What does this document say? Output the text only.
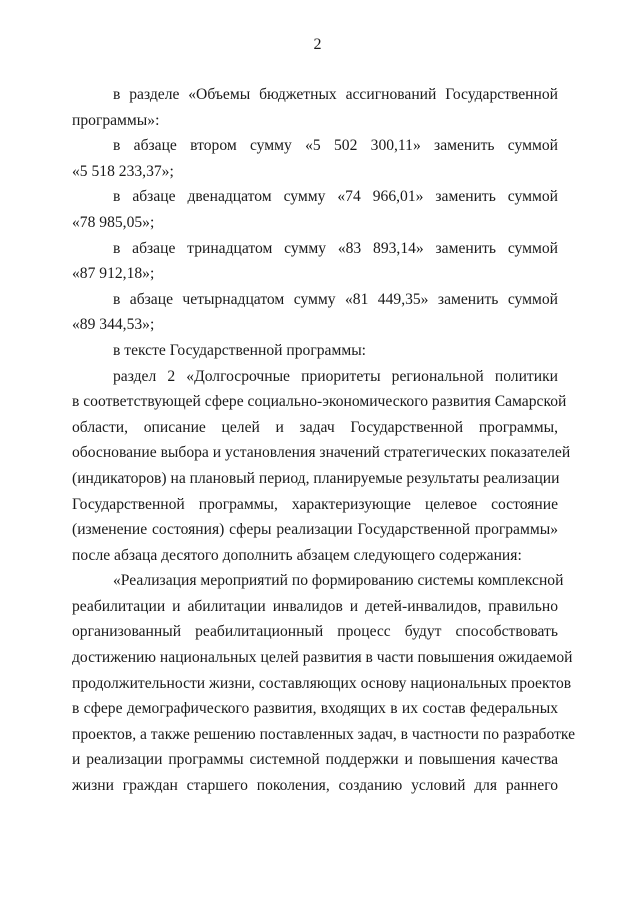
2

в разделе «Объемы бюджетных ассигнований Государственной
программы»:

в абзаце втором сумму «5 502 300,11» заменить суммой
«5 518 233,37»;

в абзаце двенадцатом сумму «74 966,01» заменить суммой
«78 985,05»;

в абзаце тринадцатом сумму «83 893,14» заменить суммой
«87 912,18»;

в абзаце четырнадцатом сумму «81 449,35» заменить суммой
«89 344,53»;

в тексте Государственной программы:

раздел 2 «Долгосрочные приоритеты региональной политики
в соответствующей сфере социально-экономического развития Самарской
области, описание целей и задач Государственной программы,
обоснование выбора и установления значений стратегических показателей
(индикаторов) на плановый период, планируемые результаты реализации
Государственной программы, характеризующие целевое состояние
(изменение состояния) сферы реализации Государственной программы»
после абзаца десятого дополнить абзацем следующего содержания:

«Реализация мероприятий по формированию системы комплексной
реабилитации и абилитации инвалидов и детей-инвалидов, правильно
организованный реабилитационный процесс будут способствовать
достижению национальных целей развития в части повышения ожидаемой
продолжительности жизни, составляющих основу национальных проектов
в сфере демографического развития, входящих в их состав федеральных
проектов, а также решению поставленных задач, в частности по разработке
и реализации программы системной поддержки и повышения качества
жизни граждан старшего поколения, созданию условий для раннего
